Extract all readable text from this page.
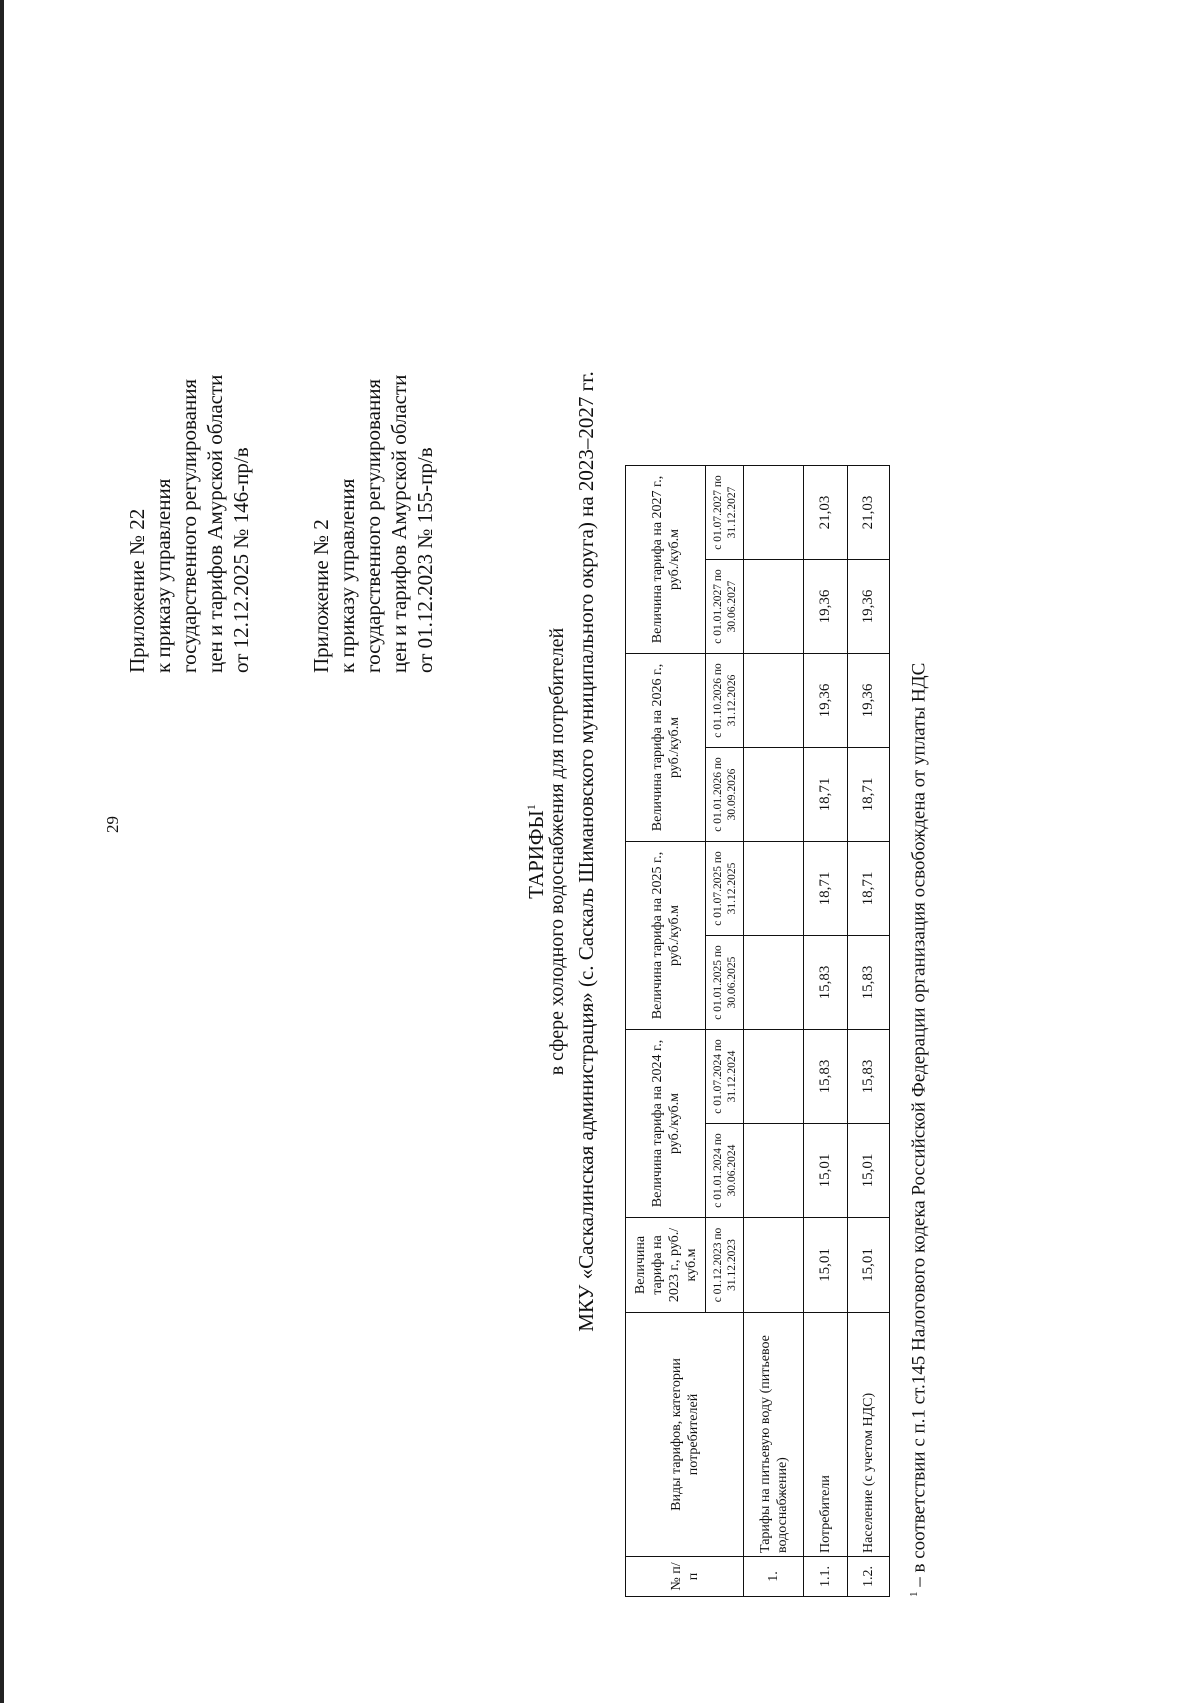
29
Приложение № 22 к приказу управления государственного регулирования цен и тарифов Амурской области от 12.12.2025 № 146-пр/в	Приложение № 2 к приказу управления государственного регулирования цен и тарифов Амурской области от 01.12.2023 № 155-пр/в
ТАРИФЫ$^1$ в сфере холодного водоснабжения для потребителей МКУ «Саскалинская администрация» (с. Саскаль Шимановского муниципального округа) на 2023–2027 гг.
№ п/п	Виды тарифов, категории потребителей	Величина тарифа на 2023 г., руб./куб.м	Величина тарифа на 2024 г., руб./куб.м		Величина тарифа на 2025 г., руб./куб.м		Величина тарифа на 2026 г., руб./куб.м		Величина тарифа на 2027 г., руб./куб.м	
		с 01.12.2023 по 31.12.2023	с 01.01.2024 по 30.06.2024	с 01.07.2024 по 31.12.2024	с 01.01.2025 по 30.06.2025	с 01.07.2025 по 31.12.2025	с 01.01.2026 по 30.09.2026	с 01.10.2026 по 31.12.2026	с 01.01.2027 по 30.06.2027	с 01.07.2027 по 31.12.2027
1.	Тарифы на питьевую воду (питьевое водоснабжение)									
1.1.	Потребители	15,01	15,01	15,83	15,83	18,71	18,71	19,36	19,36	21,03
1.2.	Население (с учетом НДС)	15,01	15,01	15,83	15,83	18,71	18,71	19,36	19,36	21,03
$^1$ – в соответствии с п.1 ст.145 Налогового кодека Российской Федерации организация освобождена от уплаты НДС
